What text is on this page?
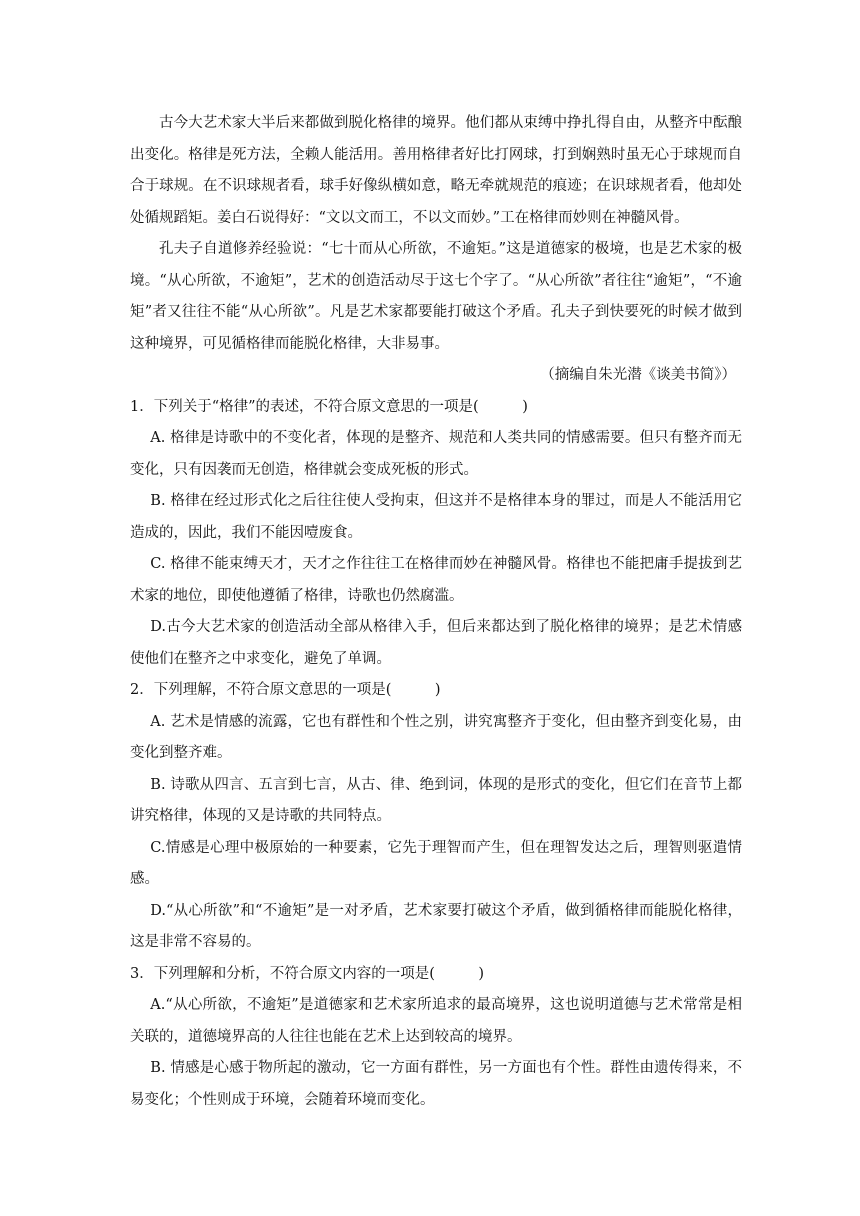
古今大艺术家大半后来都做到脱化格律的境界。他们都从束缚中挣扎得自由，从整齐中酝酿出变化。格律是死方法，全赖人能活用。善用格律者好比打网球，打到娴熟时虽无心于球规而自合于球规。在不识球规者看，球手好像纵横如意，略无牵就规范的痕迹；在识球规者看，他却处处循规蹈矩。姜白石说得好：“文以文而工，不以文而妙。”工在格律而妙则在神髓风骨。

孔夫子自道修养经验说：“七十而从心所欲，不逾矩。”这是道德家的极境，也是艺术家的极境。“从心所欲，不逾矩”，艺术的创造活动尽于这七个字了。“从心所欲”者往往“逾矩”，“不逾矩”者又往往不能“从心所欲”。凡是艺术家都要能打破这个矛盾。孔夫子到快要死的时候才做到这种境界，可见循格律而能脱化格律，大非易事。

（摘编自朱光潜《谈美书简》）

1．下列关于“格律”的表述，不符合原文意思的一项是(　　　)

A. 格律是诗歌中的不变化者，体现的是整齐、规范和人类共同的情感需要。但只有整齐而无变化，只有因袭而无创造，格律就会变成死板的形式。

B. 格律在经过形式化之后往往使人受拘束，但这并不是格律本身的罪过，而是人不能活用它造成的，因此，我们不能因噎废食。

C. 格律不能束缚天才，天才之作往往工在格律而妙在神髓风骨。格律也不能把庸手提拔到艺术家的地位，即使他遵循了格律，诗歌也仍然腐滥。

D.古今大艺术家的创造活动全部从格律入手，但后来都达到了脱化格律的境界；是艺术情感使他们在整齐之中求变化，避免了单调。

2．下列理解，不符合原文意思的一项是(　　　)

A. 艺术是情感的流露，它也有群性和个性之别，讲究寓整齐于变化，但由整齐到变化易，由变化到整齐难。

B. 诗歌从四言、五言到七言，从古、律、绝到词，体现的是形式的变化，但它们在音节上都讲究格律，体现的又是诗歌的共同特点。

C.情感是心理中极原始的一种要素，它先于理智而产生，但在理智发达之后，理智则驱遣情感。

D.“从心所欲”和“不逾矩”是一对矛盾，艺术家要打破这个矛盾，做到循格律而能脱化格律，这是非常不容易的。

3．下列理解和分析，不符合原文内容的一项是(　　　)

A.“从心所欲，不逾矩”是道德家和艺术家所追求的最高境界，这也说明道德与艺术常常是相关联的，道德境界高的人往往也能在艺术上达到较高的境界。

B. 情感是心感于物所起的激动，它一方面有群性，另一方面也有个性。群性由遗传得来，不易变化；个性则成于环境，会随着环境而变化。
